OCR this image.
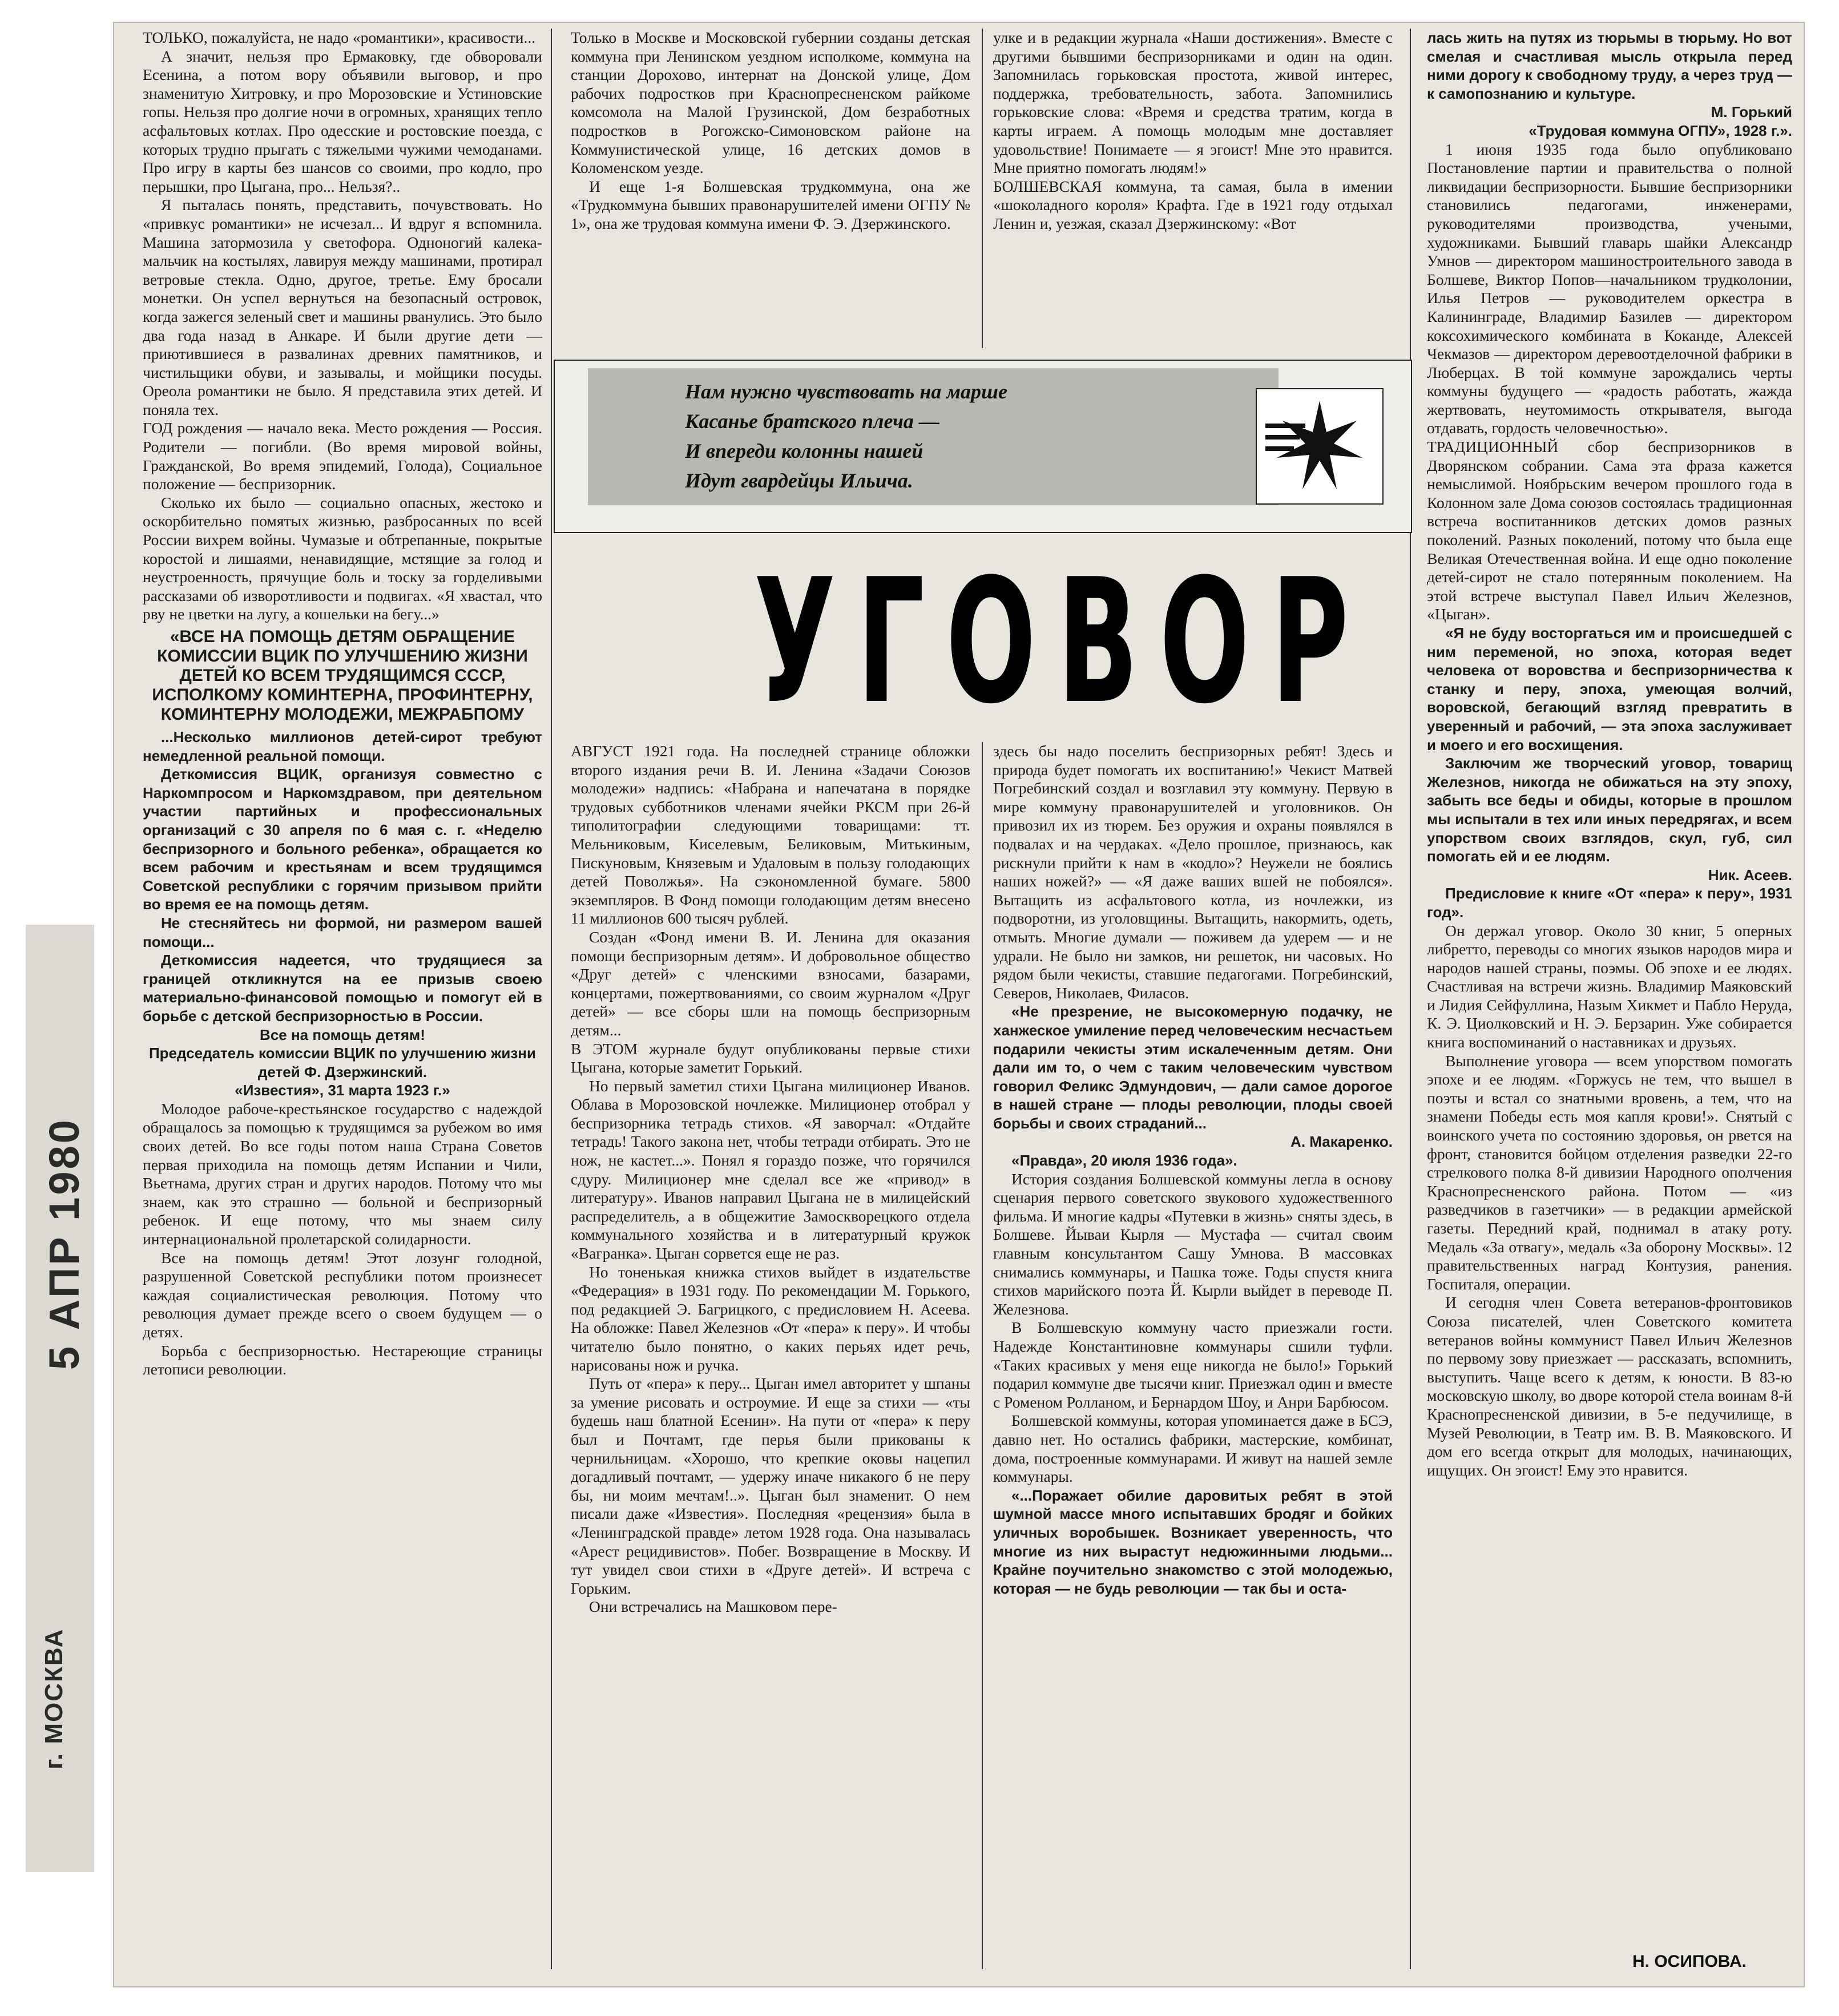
5 АПР 1980
г. МОСКВА

ТОЛЬКО, пожалуйста, не надо «романтики», красивости...

А значит, нельзя про Ермаковку, где обворовали Есенина, а потом вору объявили выговор, и про знаменитую Хитровку, и про Морозовские и Устиновские гопы. Нельзя про долгие ночи в огромных, хранящих тепло асфальтовых котлах. Про одесские и ростовские поезда, с которых трудно прыгать с тяжелыми чужими чемоданами. Про игру в карты без шансов со своими, про кодло, про перышки, про Цыгана, про... Нельзя?..

Я пыталась понять, представить, почувствовать. Но «привкус романтики» не исчезал... И вдруг я вспомнила. Машина затормозила у светофора. Одноногий калека-мальчик на костылях, лавируя между машинами, протирал ветровые стекла. Одно, другое, третье. Ему бросали монетки. Он успел вернуться на безопасный островок, когда зажегся зеленый свет и машины рванулись. Это было два года назад в Анкаре. И были другие дети — приютившиеся в развалинах древних памятников, и чистильщики обуви, и зазывалы, и мойщики посуды. Ореола романтики не было. Я представила этих детей. И поняла тех.

ГОД рождения — начало века. Место рождения — Россия. Родители — погибли. (Во время мировой войны, Гражданской, Во время эпидемий, Голода), Социальное положение — беспризорник.

Сколько их было — социально опасных, жестоко и оскорбительно помятых жизнью, разбросанных по всей России вихрем войны. Чумазые и обтрепанные, покрытые коростой и лишаями, ненавидящие, мстящие за голод и неустроенность, прячущие боль и тоску за горделивыми рассказами об изворотливости и подвигах. «Я хвастал, что рву не цветки на лугу, а кошельки на бегу...»

«ВСЕ НА ПОМОЩЬ ДЕТЯМ ОБРАЩЕНИЕ КОМИССИИ ВЦИК ПО УЛУЧШЕНИЮ ЖИЗНИ ДЕТЕЙ КО ВСЕМ ТРУДЯЩИМСЯ СССР, ИСПОЛКОМУ КОМИНТЕРНА, ПРОФИНТЕРНУ, КОМИНТЕРНУ МОЛОДЕЖИ, МЕЖРАБПОМУ

...Несколько миллионов детей-сирот требуют немедленной реальной помощи.

Деткомиссия ВЦИК, организуя совместно с Наркомпросом и Наркомздравом, при деятельном участии партийных и профессиональных организаций с 30 апреля по 6 мая с. г. «Неделю беспризорного и больного ребенка», обращается ко всем рабочим и крестьянам и всем трудящимся Советской республики с горячим призывом прийти во время ее на помощь детям.

Не стесняйтесь ни формой, ни размером вашей помощи...

Деткомиссия надеется, что трудящиеся за границей откликнутся на ее призыв своею материально-финансовой помощью и помогут ей в борьбе с детской беспризорностью в России.

Все на помощь детям!

Председатель комиссии ВЦИК по улучшению жизни детей Ф. Дзержинский.

«Известия», 31 марта 1923 г.»

Молодое рабоче-крестьянское государство с надеждой обращалось за помощью к трудящимся за рубежом во имя своих детей. Во все годы потом наша Страна Советов первая приходила на помощь детям Испании и Чили, Вьетнама, других стран и других народов. Потому что мы знаем, как это страшно — больной и беспризорный ребенок. И еще потому, что мы знаем силу интернациональной пролетарской солидарности.

Все на помощь детям! Этот лозунг голодной, разрушенной Советской республики потом произнесет каждая социалистическая революция. Потому что революция думает прежде всего о своем будущем — о детях.

Борьба с беспризорностью. Нестареющие страницы летописи революции.

Только в Москве и Московской губернии созданы детская коммуна при Ленинском уездном исполкоме, коммуна на станции Дорохово, интернат на Донской улице, Дом рабочих подростков при Краснопресненском райкоме комсомола на Малой Грузинской, Дом безработных подростков в Рогожско-Симоновском районе на Коммунистической улице, 16 детских домов в Коломенском уезде.

И еще 1-я Болшевская трудкоммуна, она же «Трудкоммуна бывших правонарушителей имени ОГПУ № 1», она же трудовая коммуна имени Ф. Э. Дзержинского.

улке и в редакции журнала «Наши достижения». Вместе с другими бывшими беспризорниками и один на один. Запомнилась горьковская простота, живой интерес, поддержка, требовательность, забота. Запомнились горьковские слова: «Время и средства тратим, когда в карты играем. А помощь молодым мне доставляет удовольствие! Понимаете — я эгоист! Мне это нравится. Мне приятно помогать людям!»

БОЛШЕВСКАЯ коммуна, та самая, была в имении «шоколадного короля» Крафта. Где в 1921 году отдыхал Ленин и, уезжая, сказал Дзержинскому: «Вот

Нам нужно чувствовать на марше
Касанье братского плеча —
И впереди колонны нашей
Идут гвардейцы Ильича.
УГОВОР

АВГУСТ 1921 года. На последней странице обложки второго издания речи В. И. Ленина «Задачи Союзов молодежи» надпись: «Набрана и напечатана в порядке трудовых субботников членами ячейки РКСМ при 26-й типолитографии следующими товарищами: тт. Мельниковым, Киселевым, Беликовым, Митькиным, Пискуновым, Князевым и Удаловым в пользу голодающих детей Поволжья». На сэкономленной бумаге. 5800 экземпляров. В Фонд помощи голодающим детям внесено 11 миллионов 600 тысяч рублей.

Создан «Фонд имени В. И. Ленина для оказания помощи беспризорным детям». И добровольное общество «Друг детей» с членскими взносами, базарами, концертами, пожертвованиями, со своим журналом «Друг детей» — все сборы шли на помощь беспризорным детям...

В ЭТОМ журнале будут опубликованы первые стихи Цыгана, которые заметит Горький.

Но первый заметил стихи Цыгана милиционер Иванов. Облава в Морозовской ночлежке. Милиционер отобрал у беспризорника тетрадь стихов. «Я заворчал: «Отдайте тетрадь! Такого закона нет, чтобы тетради отбирать. Это не нож, не кастет...». Понял я гораздо позже, что горячился сдуру. Милиционер мне сделал все же «привод» в литературу». Иванов направил Цыгана не в милицейский распределитель, а в общежитие Замоскворецкого отдела коммунального хозяйства и в литературный кружок «Вагранка». Цыган сорвется еще не раз.

Но тоненькая книжка стихов выйдет в издательстве «Федерация» в 1931 году. По рекомендации М. Горького, под редакцией Э. Багрицкого, с предисловием Н. Асеева. На обложке: Павел Железнов «От «пера» к перу». И чтобы читателю было понятно, о каких перьях идет речь, нарисованы нож и ручка.

Путь от «пера» к перу... Цыган имел авторитет у шпаны за умение рисовать и остроумие. И еще за стихи — «ты будешь наш блатной Есенин». На пути от «пера» к перу был и Почтамт, где перья были прикованы к чернильницам. «Хорошо, что крепкие оковы нацепил догадливый почтамт, — удержу иначе никакого б не перу бы, ни моим мечтам!..». Цыган был знаменит. О нем писали даже «Известия». Последняя «рецензия» была в «Ленинградской правде» летом 1928 года. Она называлась «Арест рецидивистов». Побег. Возвращение в Москву. И тут увидел свои стихи в «Друге детей». И встреча с Горьким.

Они встречались на Машковом пере-

здесь бы надо поселить беспризорных ребят! Здесь и природа будет помогать их воспитанию!» Чекист Матвей Погребинский создал и возглавил эту коммуну. Первую в мире коммуну правонарушителей и уголовников. Он привозил их из тюрем. Без оружия и охраны появлялся в подвалах и на чердаках. «Дело прошлое, признаюсь, как рискнули прийти к нам в «кодло»? Неужели не боялись наших ножей?» — «Я даже ваших вшей не побоялся». Вытащить из асфальтового котла, из ночлежки, из подворотни, из уголовщины. Вытащить, накормить, одеть, отмыть. Многие думали — поживем да удерем — и не удрали. Не было ни замков, ни решеток, ни часовых. Но рядом были чекисты, ставшие педагогами. Погребинский, Северов, Николаев, Филасов.

«Не презрение, не высокомерную подачку, не ханжеское умиление перед человеческим несчастьем подарили чекисты этим искалеченным детям. Они дали им то, о чем с таким человеческим чувством говорил Феликс Эдмундович, — дали самое дорогое в нашей стране — плоды революции, плоды своей борьбы и своих страданий...

А. Макаренко.

«Правда», 20 июля 1936 года».

История создания Болшевской коммуны легла в основу сценария первого советского звукового художественного фильма. И многие кадры «Путевки в жизнь» сняты здесь, в Болшеве. Йываи Кырля — Мустафа — считал своим главным консультантом Сашу Умнова. В массовках снимались коммунары, и Пашка тоже. Годы спустя книга стихов марийского поэта Й. Кырли выйдет в переводе П. Железнова.

В Болшевскую коммуну часто приезжали гости. Надежде Константиновне коммунары сшили туфли. «Таких красивых у меня еще никогда не было!» Горький подарил коммуне две тысячи книг. Приезжал один и вместе с Роменом Ролланом, и Бернардом Шоу, и Анри Барбюсом.

Болшевской коммуны, которая упоминается даже в БСЭ, давно нет. Но остались фабрики, мастерские, комбинат, дома, построенные коммунарами. И живут на нашей земле коммунары.

«...Поражает обилие даровитых ребят в этой шумной массе много испытавших бродяг и бойких уличных воробышек. Возникает уверенность, что многие из них вырастут недюжинными людьми... Крайне поучительно знакомство с этой молодежью, которая — не будь революции — так бы и оста-

лась жить на путях из тюрьмы в тюрьму. Но вот смелая и счастливая мысль открыла перед ними дорогу к свободному труду, а через труд — к самопознанию и культуре.

М. Горький

«Трудовая коммуна ОГПУ», 1928 г.».

1 июня 1935 года было опубликовано Постановление партии и правительства о полной ликвидации беспризорности. Бывшие беспризорники становились педагогами, инженерами, руководителями производства, учеными, художниками. Бывший главарь шайки Александр Умнов — директором машиностроительного завода в Болшеве, Виктор Попов—начальником трудколонии, Илья Петров — руководителем оркестра в Калининграде, Владимир Базилев — директором коксохимического комбината в Коканде, Алексей Чекмазов — директором деревоотделочной фабрики в Люберцах. В той коммуне зарождались черты коммуны будущего — «радость работать, жажда жертвовать, неутомимость открывателя, выгода отдавать, гордость человечностью».

ТРАДИЦИОННЫЙ сбор беспризорников в Дворянском собрании. Сама эта фраза кажется немыслимой. Ноябрьским вечером прошлого года в Колонном зале Дома союзов состоялась традиционная встреча воспитанников детских домов разных поколений. Разных поколений, потому что была еще Великая Отечественная война. И еще одно поколение детей-сирот не стало потерянным поколением. На этой встрече выступал Павел Ильич Железнов, «Цыган».

«Я не буду восторгаться им и происшедшей с ним переменой, но эпоха, которая ведет человека от воровства и беспризорничества к станку и перу, эпоха, умеющая волчий, воровской, бегающий взгляд превратить в уверенный и рабочий, — эта эпоха заслуживает и моего и его восхищения.

Заключим же творческий уговор, товарищ Железнов, никогда не обижаться на эту эпоху, забыть все беды и обиды, которые в прошлом мы испытали в тех или иных передрягах, и всем упорством своих взглядов, скул, губ, сил помогать ей и ее людям.

Ник. Асеев.

Предисловие к книге «От «пера» к перу», 1931 год».

Он держал уговор. Около 30 книг, 5 оперных либретто, переводы со многих языков народов мира и народов нашей страны, поэмы. Об эпохе и ее людях. Счастливая на встречи жизнь. Владимир Маяковский и Лидия Сейфуллина, Назым Хикмет и Пабло Неруда, К. Э. Циолковский и Н. Э. Берзарин. Уже собирается книга воспоминаний о наставниках и друзьях.

Выполнение уговора — всем упорством помогать эпохе и ее людям. «Горжусь не тем, что вышел в поэты и встал со знатными вровень, а тем, что на знамени Победы есть моя капля крови!». Снятый с воинского учета по состоянию здоровья, он рвется на фронт, становится бойцом отделения разведки 22-го стрелкового полка 8-й дивизии Народного ополчения Краснопресненского района. Потом — «из разведчиков в газетчики» — в редакции армейской газеты. Передний край, поднимал в атаку роту. Медаль «За отвагу», медаль «За оборону Москвы». 12 правительственных наград Контузия, ранения. Госпиталя, операции.

И сегодня член Совета ветеранов-фронтовиков Союза писателей, член Советского комитета ветеранов войны коммунист Павел Ильич Железнов по первому зову приезжает — рассказать, вспомнить, выступить. Чаще всего к детям, к юности. В 83-ю московскую школу, во дворе которой стела воинам 8-й Краснопресненской дивизии, в 5-е педучилище, в Музей Революции, в Театр им. В. В. Маяковского. И дом его всегда открыт для молодых, начинающих, ищущих. Он эгоист! Ему это нравится.

Н. ОСИПОВА.
